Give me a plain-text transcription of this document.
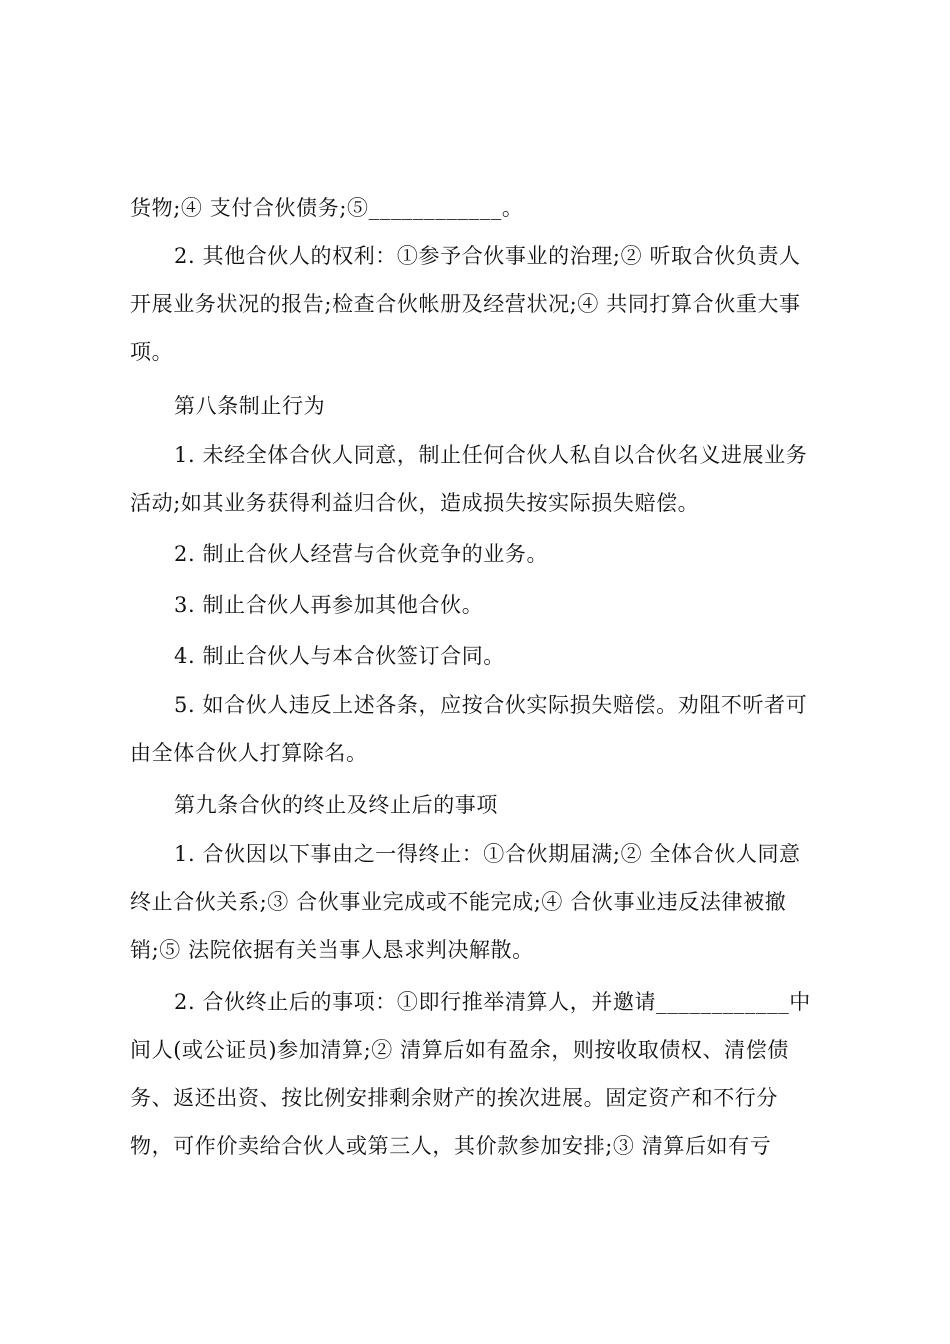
货物;④ 支付合伙债务;⑤____________。
2. 其他合伙人的权利：①参予合伙事业的治理;② 听取合伙负责人
开展业务状况的报告;检查合伙帐册及经营状况;④ 共同打算合伙重大事
项。
第八条制止行为
1. 未经全体合伙人同意，制止任何合伙人私自以合伙名义进展业务
活动;如其业务获得利益归合伙，造成损失按实际损失赔偿。
2. 制止合伙人经营与合伙竞争的业务。
3. 制止合伙人再参加其他合伙。
4. 制止合伙人与本合伙签订合同。
5. 如合伙人违反上述各条，应按合伙实际损失赔偿。劝阻不听者可
由全体合伙人打算除名。
第九条合伙的终止及终止后的事项
1. 合伙因以下事由之一得终止：①合伙期届满;② 全体合伙人同意
终止合伙关系;③ 合伙事业完成或不能完成;④ 合伙事业违反法律被撤
销;⑤ 法院依据有关当事人恳求判决解散。
2. 合伙终止后的事项：①即行推举清算人，并邀请____________中
间人(或公证员)参加清算;② 清算后如有盈余，则按收取债权、清偿债
务、返还出资、按比例安排剩余财产的挨次进展。固定资产和不行分
物，可作价卖给合伙人或第三人，其价款参加安排;③ 清算后如有亏
